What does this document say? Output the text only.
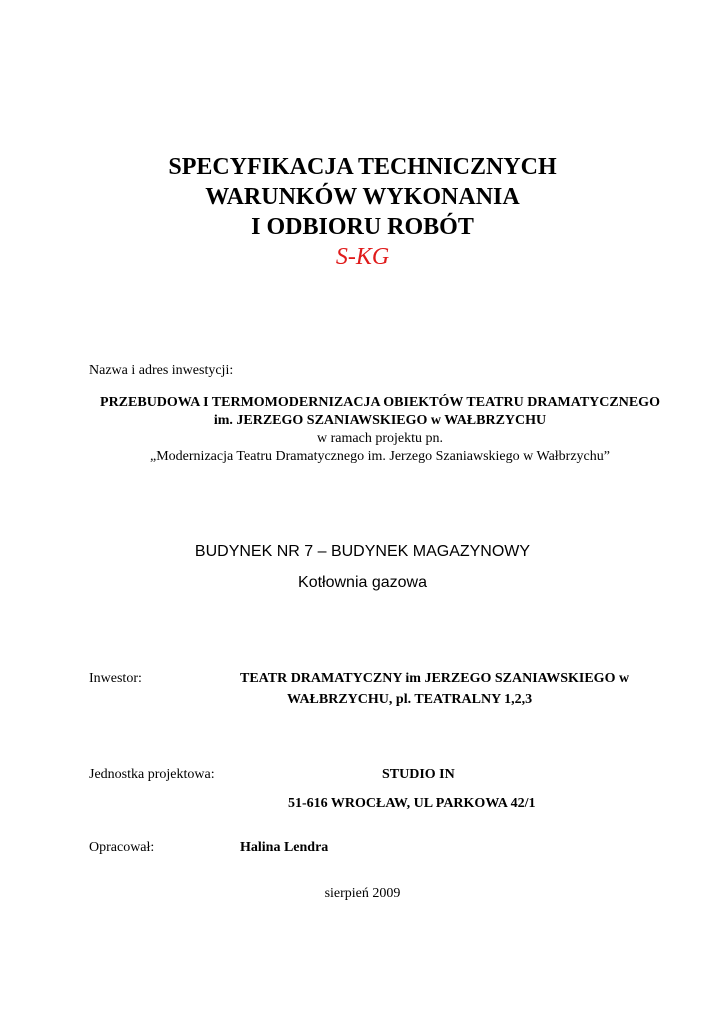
SPECYFIKACJA TECHNICZNYCH
WARUNKÓW WYKONANIA
I ODBIORU ROBÓT
S-KG
Nazwa i adres inwestycji:
PRZEBUDOWA I TERMOMODERNIZACJA OBIEKTÓW TEATRU DRAMATYCZNEGO
im. JERZEGO SZANIAWSKIEGO w WAŁBRZYCHU
w ramach projektu pn.
„Modernizacja Teatru Dramatycznego im. Jerzego Szaniawskiego w Wałbrzychu”
BUDYNEK NR 7 – BUDYNEK MAGAZYNOWY
Kotłownia gazowa
Inwestor:	TEATR DRAMATYCZNY im JERZEGO SZANIAWSKIEGO w
WAŁBRZYCHU, pl. TEATRALNY 1,2,3
Jednostka projektowa:	STUDIO IN
51-616 WROCŁAW, UL PARKOWA 42/1
Opracował:	Halina Lendra
sierpień 2009
